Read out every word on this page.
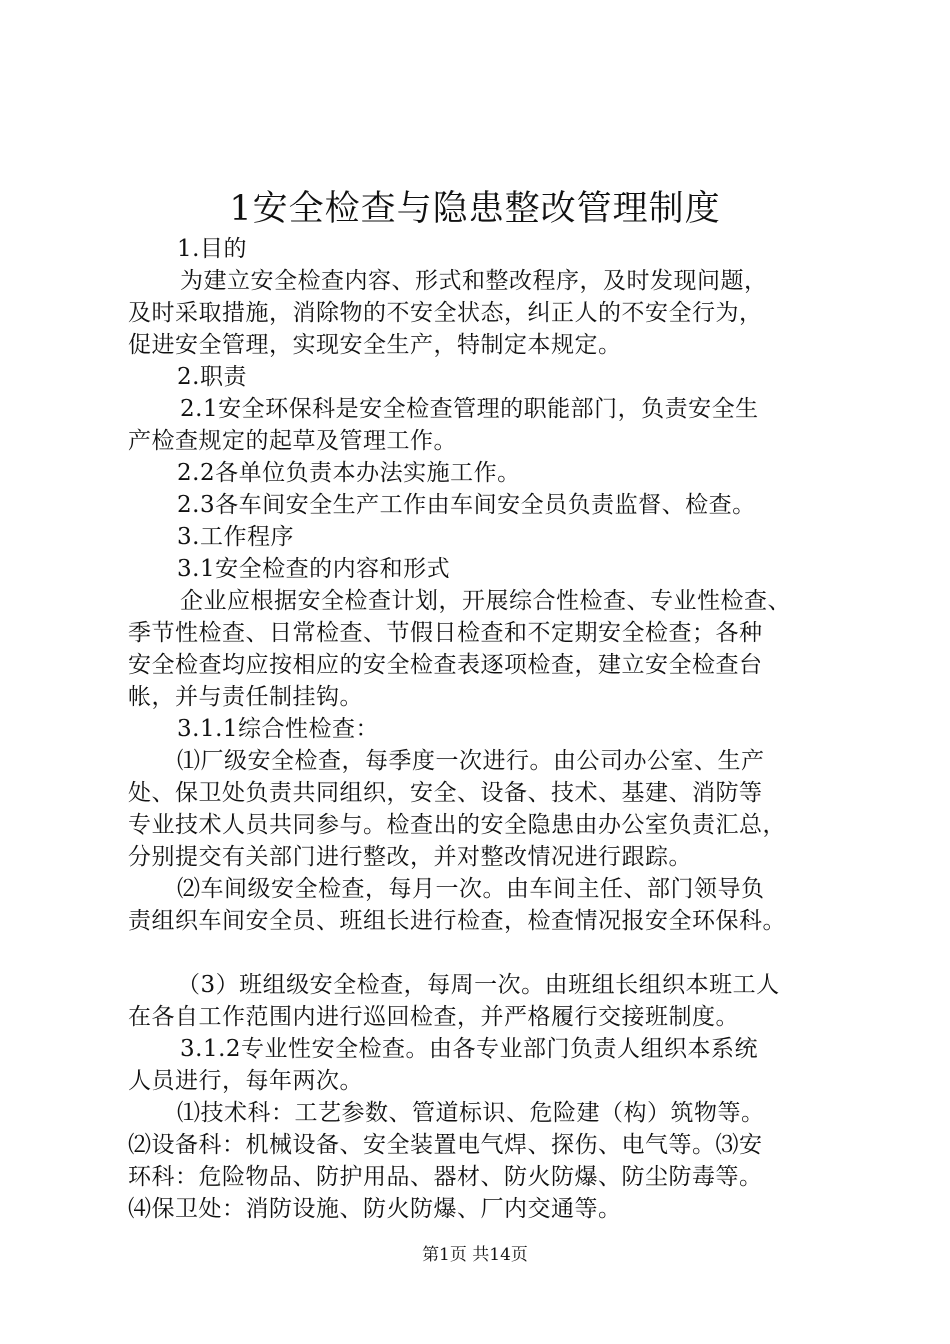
1安全检查与隐患整改管理制度
1.目的
为建立安全检查内容、形式和整改程序，及时发现问题，
及时采取措施，消除物的不安全状态，纠正人的不安全行为，
促进安全管理，实现安全生产，特制定本规定。
2.职责
2.1安全环保科是安全检查管理的职能部门，负责安全生
产检查规定的起草及管理工作。
2.2各单位负责本办法实施工作。
2.3各车间安全生产工作由车间安全员负责监督、检查。
3.工作程序
3.1安全检查的内容和形式
企业应根据安全检查计划，开展综合性检查、专业性检查、
季节性检查、日常检查、节假日检查和不定期安全检查；各种
安全检查均应按相应的安全检查表逐项检查，建立安全检查台
帐，并与责任制挂钩。
3.1.1综合性检查：
⑴厂级安全检查，每季度一次进行。由公司办公室、生产
处、保卫处负责共同组织，安全、设备、技术、基建、消防等
专业技术人员共同参与。检查出的安全隐患由办公室负责汇总，
分别提交有关部门进行整改，并对整改情况进行跟踪。
⑵车间级安全检查，每月一次。由车间主任、部门领导负
责组织车间安全员、班组长进行检查，检查情况报安全环保科。
（3）班组级安全检查，每周一次。由班组长组织本班工人
在各自工作范围内进行巡回检查，并严格履行交接班制度。
3.1.2专业性安全检查。由各专业部门负责人组织本系统
人员进行，每年两次。
⑴技术科：工艺参数、管道标识、危险建（构）筑物等。
⑵设备科：机械设备、安全装置电气焊、探伤、电气等。⑶安
环科：危险物品、防护用品、器材、防火防爆、防尘防毒等。
⑷保卫处：消防设施、防火防爆、厂内交通等。
第1页 共14页
